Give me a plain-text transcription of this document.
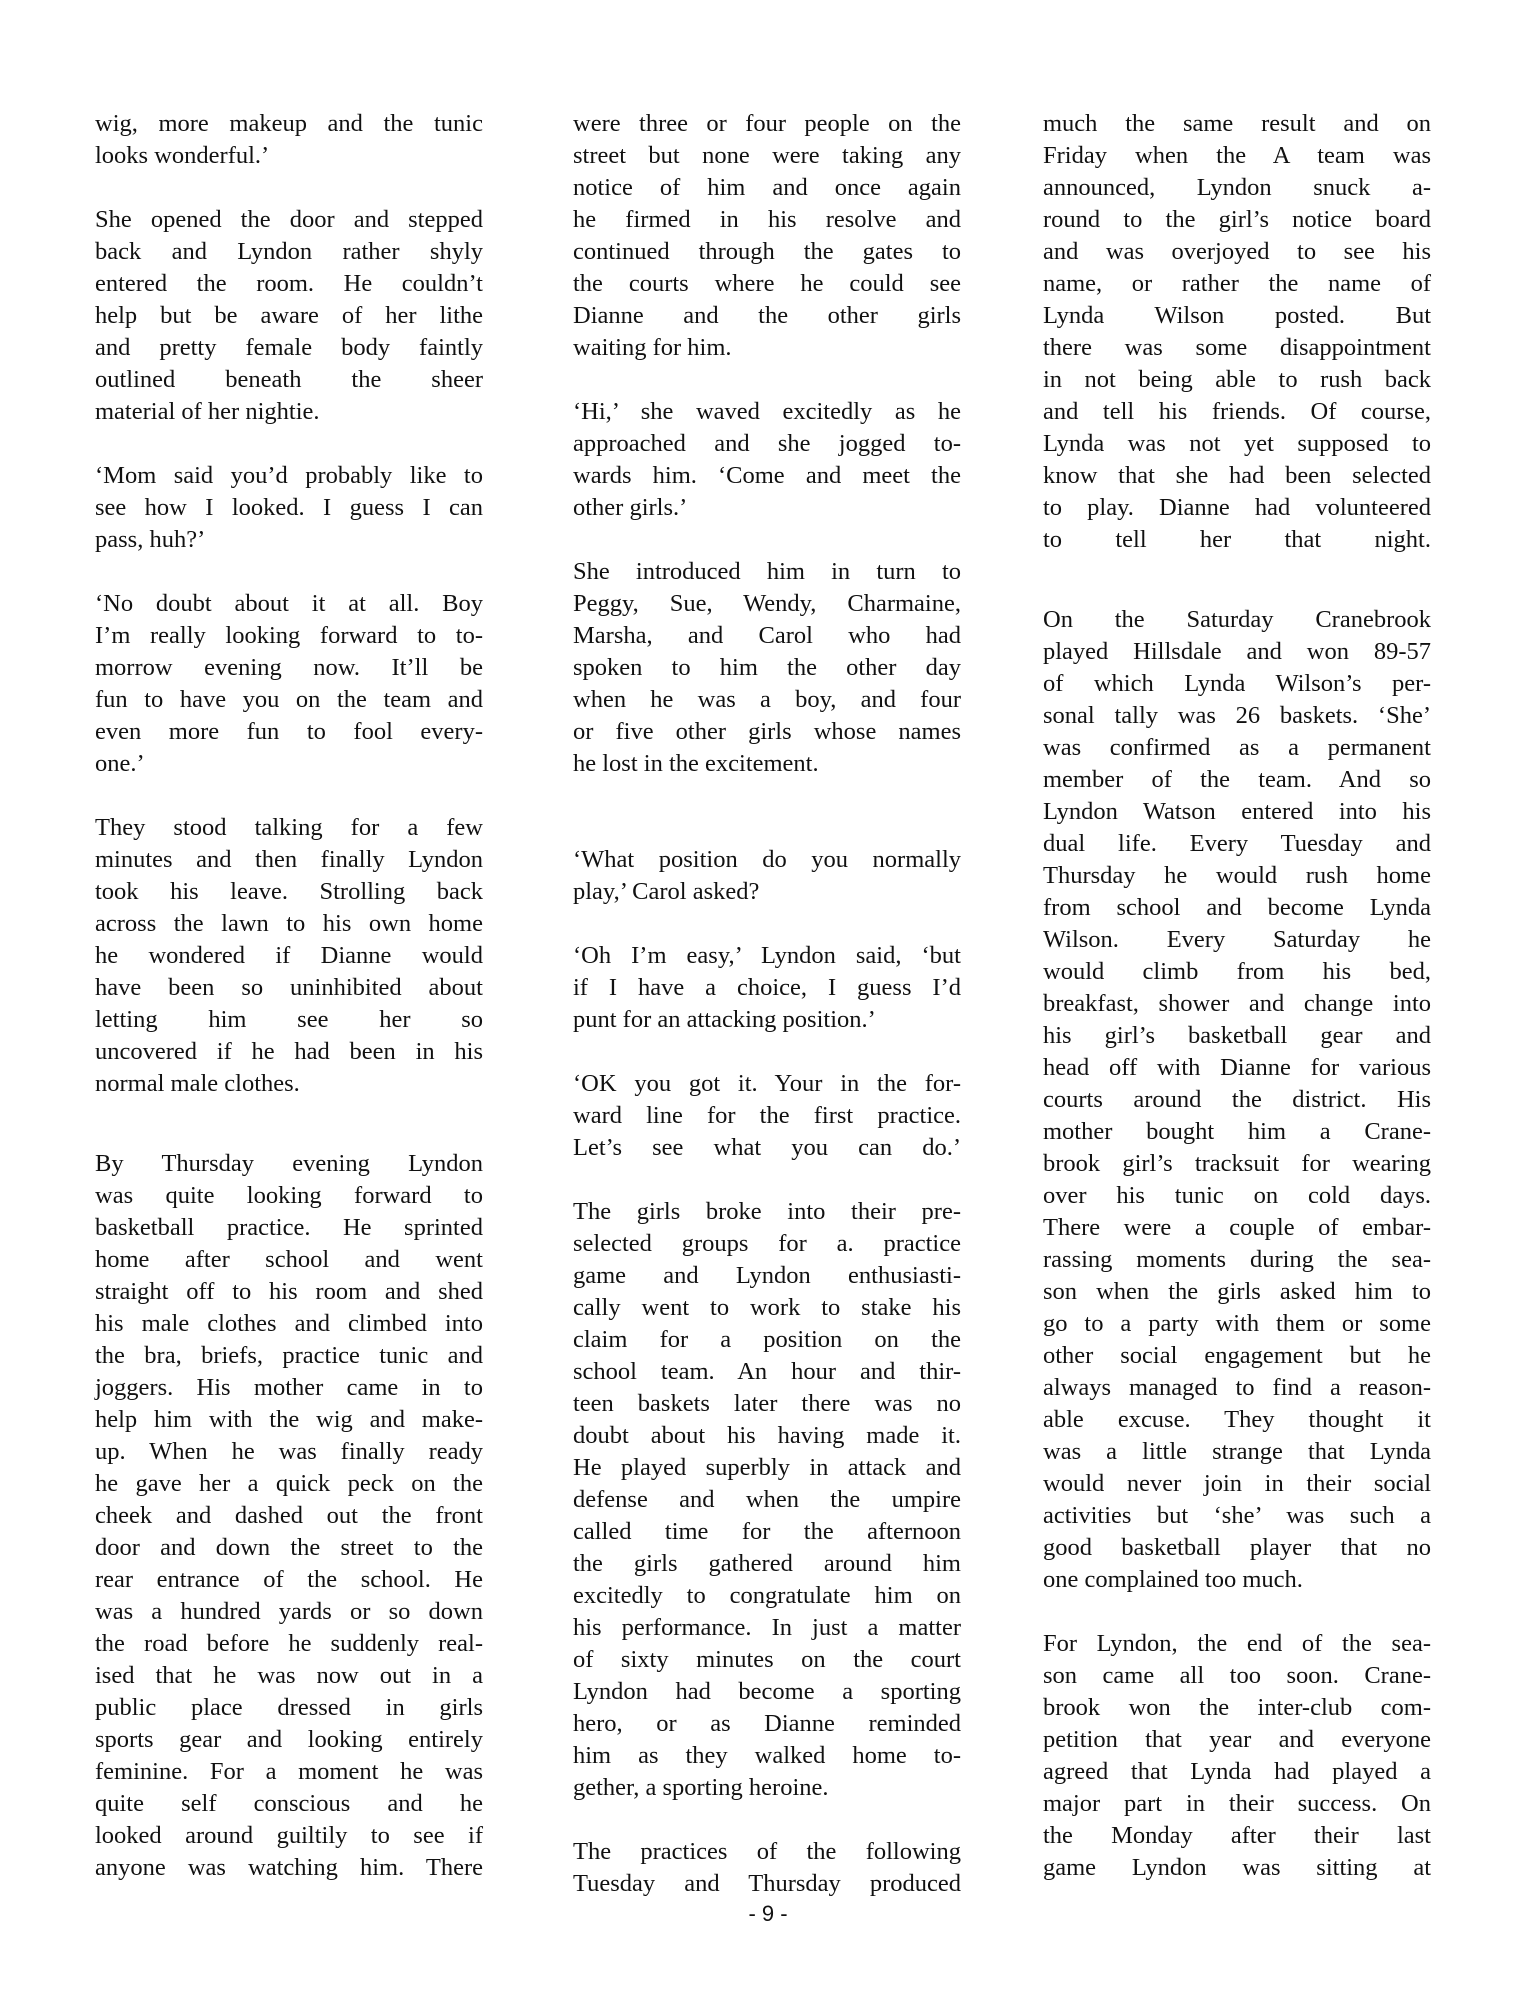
wig, more makeup and the tunic
looks wonderful.’

She opened the door and stepped
back and Lyndon rather shyly
entered the room. He couldn’t
help but be aware of her lithe
and pretty female body faintly
outlined beneath the sheer
material of her nightie.

‘Mom said you’d probably like to
see how I looked. I guess I can
pass, huh?’

‘No doubt about it at all. Boy
I’m really looking forward to to-
morrow evening now. It’ll be
fun to have you on the team and
even more fun to fool every-
one.’

They stood talking for a few
minutes and then finally Lyndon
took his leave. Strolling back
across the lawn to his own home
he wondered if Dianne would
have been so uninhibited about
letting him see her so
uncovered if he had been in his
normal male clothes.

By Thursday evening Lyndon
was quite looking forward to
basketball practice. He sprinted
home after school and went
straight off to his room and shed
his male clothes and climbed into
the bra, briefs, practice tunic and
joggers. His mother came in to
help him with the wig and make-
up. When he was finally ready
he gave her a quick peck on the
cheek and dashed out the front
door and down the street to the
rear entrance of the school. He
was a hundred yards or so down
the road before he suddenly real-
ised that he was now out in a
public place dressed in girls
sports gear and looking entirely
feminine. For a moment he was
quite self conscious and he
looked around guiltily to see if
anyone was watching him. There

were three or four people on the
street but none were taking any
notice of him and once again
he firmed in his resolve and
continued through the gates to
the courts where he could see
Dianne and the other girls
waiting for him.

‘Hi,’ she waved excitedly as he
approached and she jogged to-
wards him. ‘Come and meet the
other girls.’

She introduced him in turn to
Peggy, Sue, Wendy, Charmaine,
Marsha, and Carol who had
spoken to him the other day
when he was a boy, and four
or five other girls whose names
he lost in the excitement.

‘What position do you normally
play,’ Carol asked?

‘Oh I’m easy,’ Lyndon said, ‘but
if I have a choice, I guess I’d
punt for an attacking position.’

‘OK you got it. Your in the for-
ward line for the first practice.
Let’s see what you can do.’

The girls broke into their pre-
selected groups for a. practice
game and Lyndon enthusiasti-
cally went to work to stake his
claim for a position on the
school team. An hour and thir-
teen baskets later there was no
doubt about his having made it.
He played superbly in attack and
defense and when the umpire
called time for the afternoon
the girls gathered around him
excitedly to congratulate him on
his performance. In just a matter
of sixty minutes on the court
Lyndon had become a sporting
hero, or as Dianne reminded
him as they walked home to-
gether, a sporting heroine.

The practices of the following
Tuesday and Thursday produced

much the same result and on
Friday when the A team was
announced, Lyndon snuck a-
round to the girl’s notice board
and was overjoyed to see his
name, or rather the name of
Lynda Wilson posted. But
there was some disappointment
in not being able to rush back
and tell his friends. Of course,
Lynda was not yet supposed to
know that she had been selected
to play. Dianne had volunteered
to tell her that night.

On the Saturday Cranebrook
played Hillsdale and won 89-57
of which Lynda Wilson’s per-
sonal tally was 26 baskets. ‘She’
was confirmed as a permanent
member of the team. And so
Lyndon Watson entered into his
dual life. Every Tuesday and
Thursday he would rush home
from school and become Lynda
Wilson. Every Saturday he
would climb from his bed,
breakfast, shower and change into
his girl’s basketball gear and
head off with Dianne for various
courts around the district. His
mother bought him a Crane-
brook girl’s tracksuit for wearing
over his tunic on cold days.
There were a couple of embar-
rassing moments during the sea-
son when the girls asked him to
go to a party with them or some
other social engagement but he
always managed to find a reason-
able excuse. They thought it
was a little strange that Lynda
would never join in their social
activities but ‘she’ was such a
good basketball player that no
one complained too much.

For Lyndon, the end of the sea-
son came all too soon. Crane-
brook won the inter-club com-
petition that year and everyone
agreed that Lynda had played a
major part in their success. On
the Monday after their last
game Lyndon was sitting at

- 9 -
